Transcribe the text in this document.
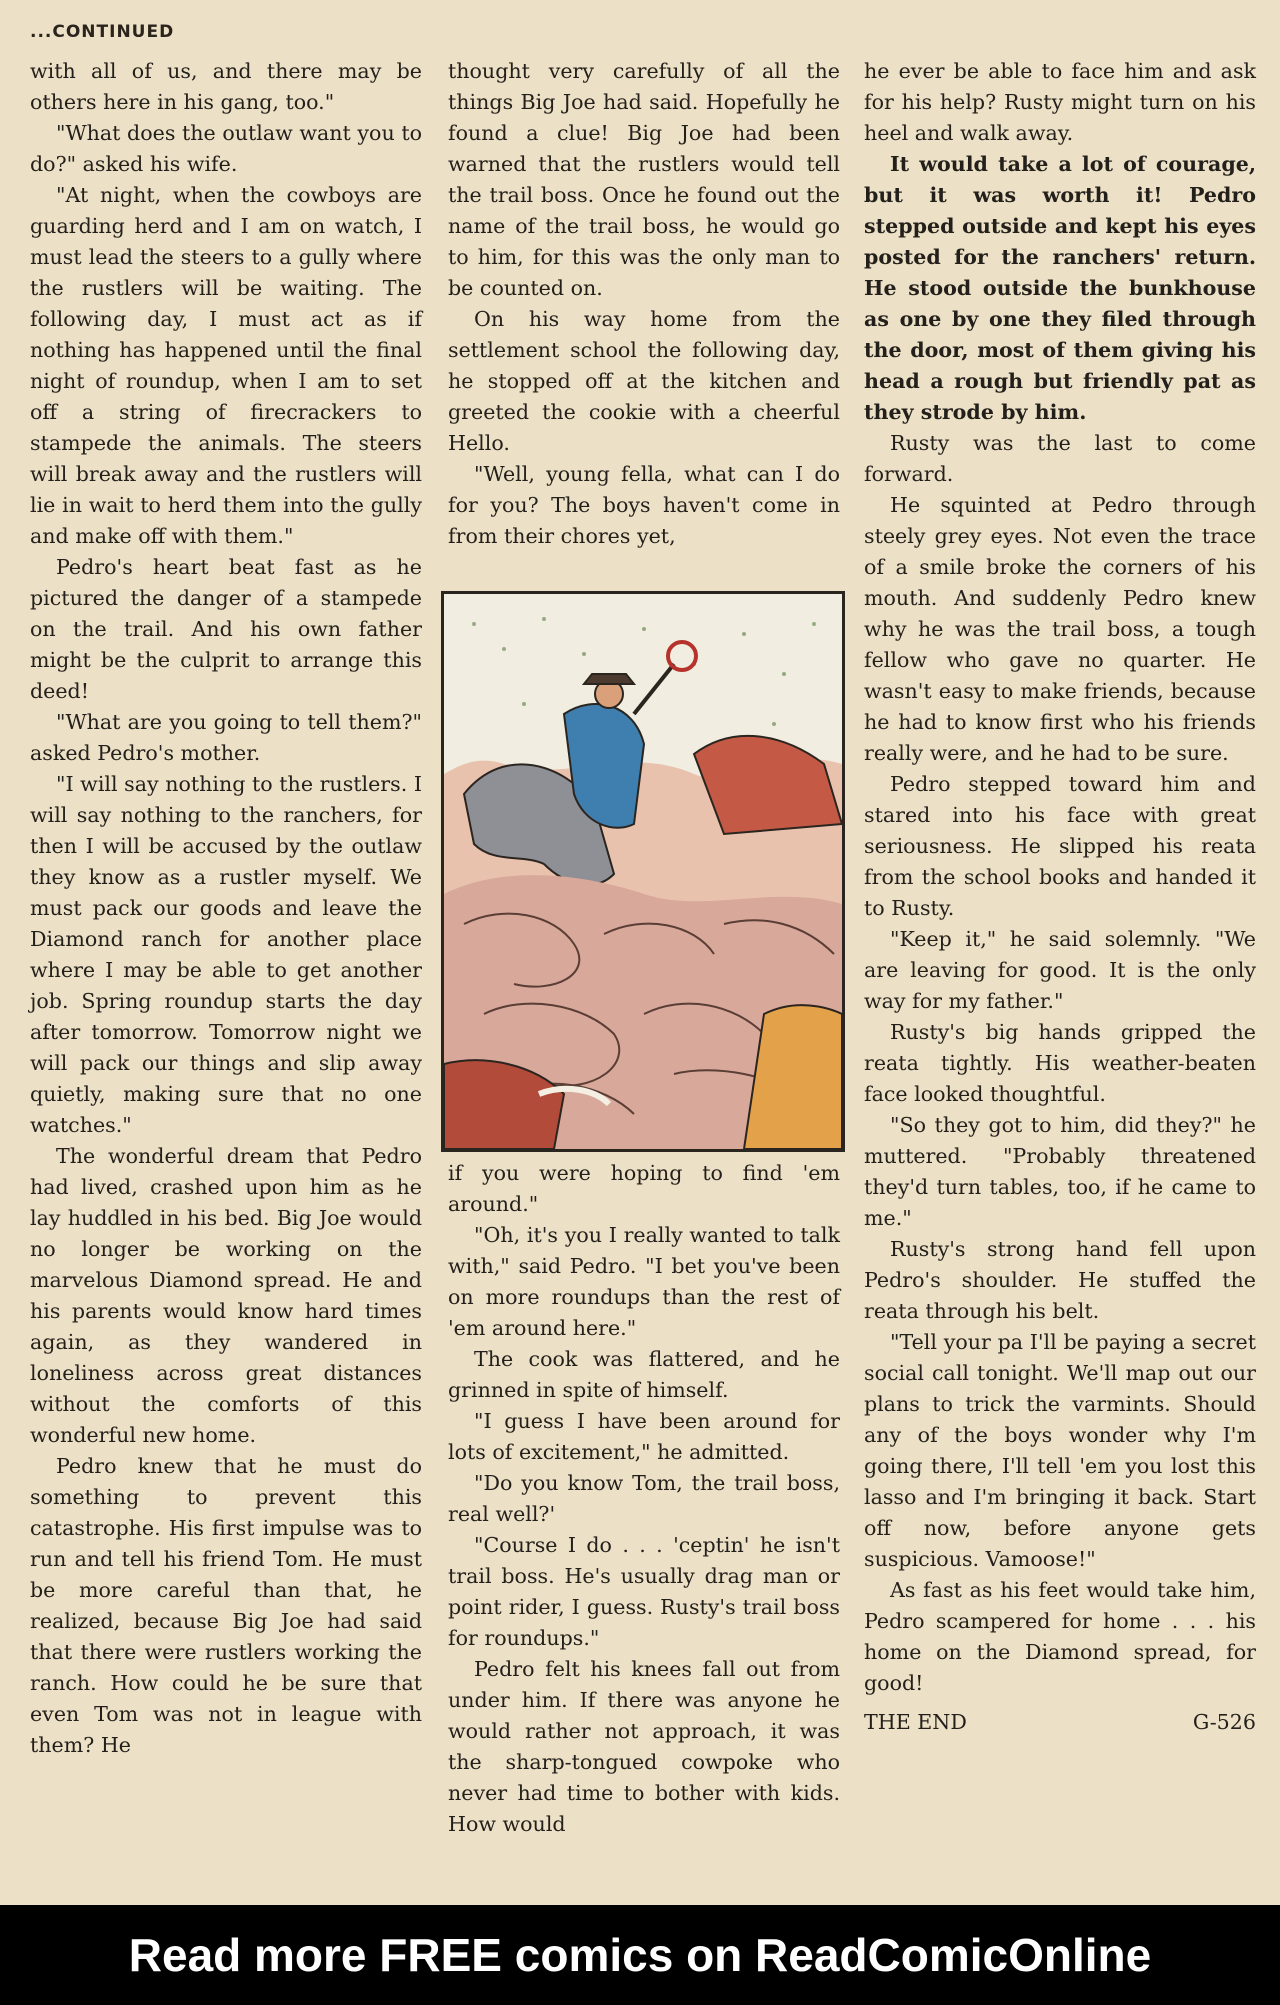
...CONTINUED

with all of us, and there may be others here in his gang, too."

"What does the outlaw want you to do?" asked his wife.

"At night, when the cowboys are guarding herd and I am on watch, I must lead the steers to a gully where the rustlers will be waiting. The following day, I must act as if nothing has happened until the final night of roundup, when I am to set off a string of firecrackers to stampede the animals. The steers will break away and the rustlers will lie in wait to herd them into the gully and make off with them."

Pedro's heart beat fast as he pictured the danger of a stampede on the trail. And his own father might be the culprit to arrange this deed!

"What are you going to tell them?" asked Pedro's mother.

"I will say nothing to the rustlers. I will say nothing to the ranchers, for then I will be accused by the outlaw they know as a rustler myself. We must pack our goods and leave the Diamond ranch for another place where I may be able to get another job. Spring roundup starts the day after tomorrow. Tomorrow night we will pack our things and slip away quietly, making sure that no one watches."

The wonderful dream that Pedro had lived, crashed upon him as he lay huddled in his bed. Big Joe would no longer be working on the marvelous Diamond spread. He and his parents would know hard times again, as they wandered in loneliness across great distances without the comforts of this wonderful new home.

Pedro knew that he must do something to prevent this catastrophe. His first impulse was to run and tell his friend Tom. He must be more careful than that, he realized, because Big Joe had said that there were rustlers working the ranch. How could he be sure that even Tom was not in league with them? He

thought very carefully of all the things Big Joe had said. Hopefully he found a clue! Big Joe had been warned that the rustlers would tell the trail boss. Once he found out the name of the trail boss, he would go to him, for this was the only man to be counted on.

On his way home from the settlement school the following day, he stopped off at the kitchen and greeted the cookie with a cheerful Hello.

"Well, young fella, what can I do for you? The boys haven't come in from their chores yet,

if you were hoping to find 'em around."

"Oh, it's you I really wanted to talk with," said Pedro. "I bet you've been on more roundups than the rest of 'em around here."

The cook was flattered, and he grinned in spite of himself.

"I guess I have been around for lots of excitement," he admitted.

"Do you know Tom, the trail boss, real well?'

"Course I do . . . 'ceptin' he isn't trail boss. He's usually drag man or point rider, I guess. Rusty's trail boss for roundups."

Pedro felt his knees fall out from under him. If there was anyone he would rather not approach, it was the sharp-tongued cowpoke who never had time to bother with kids. How would

he ever be able to face him and ask for his help? Rusty might turn on his heel and walk away.

It would take a lot of courage, but it was worth it! Pedro stepped outside and kept his eyes posted for the ranchers' return. He stood outside the bunkhouse as one by one they filed through the door, most of them giving his head a rough but friendly pat as they strode by him.

Rusty was the last to come forward.

He squinted at Pedro through steely grey eyes. Not even the trace of a smile broke the corners of his mouth. And suddenly Pedro knew why he was the trail boss, a tough fellow who gave no quarter. He wasn't easy to make friends, because he had to know first who his friends really were, and he had to be sure.

Pedro stepped toward him and stared into his face with great seriousness. He slipped his reata from the school books and handed it to Rusty.

"Keep it," he said solemnly. "We are leaving for good. It is the only way for my father."

Rusty's big hands gripped the reata tightly. His weather-beaten face looked thoughtful.

"So they got to him, did they?" he muttered. "Probably threatened they'd turn tables, too, if he came to me."

Rusty's strong hand fell upon Pedro's shoulder. He stuffed the reata through his belt.

"Tell your pa I'll be paying a secret social call tonight. We'll map out our plans to trick the varmints. Should any of the boys wonder why I'm going there, I'll tell 'em you lost this lasso and I'm bringing it back. Start off now, before anyone gets suspicious. Vamoose!"

As fast as his feet would take him, Pedro scampered for home . . . his home on the Diamond spread, for good!

THE END	G-526
Read more FREE comics on ReadComicOnline
